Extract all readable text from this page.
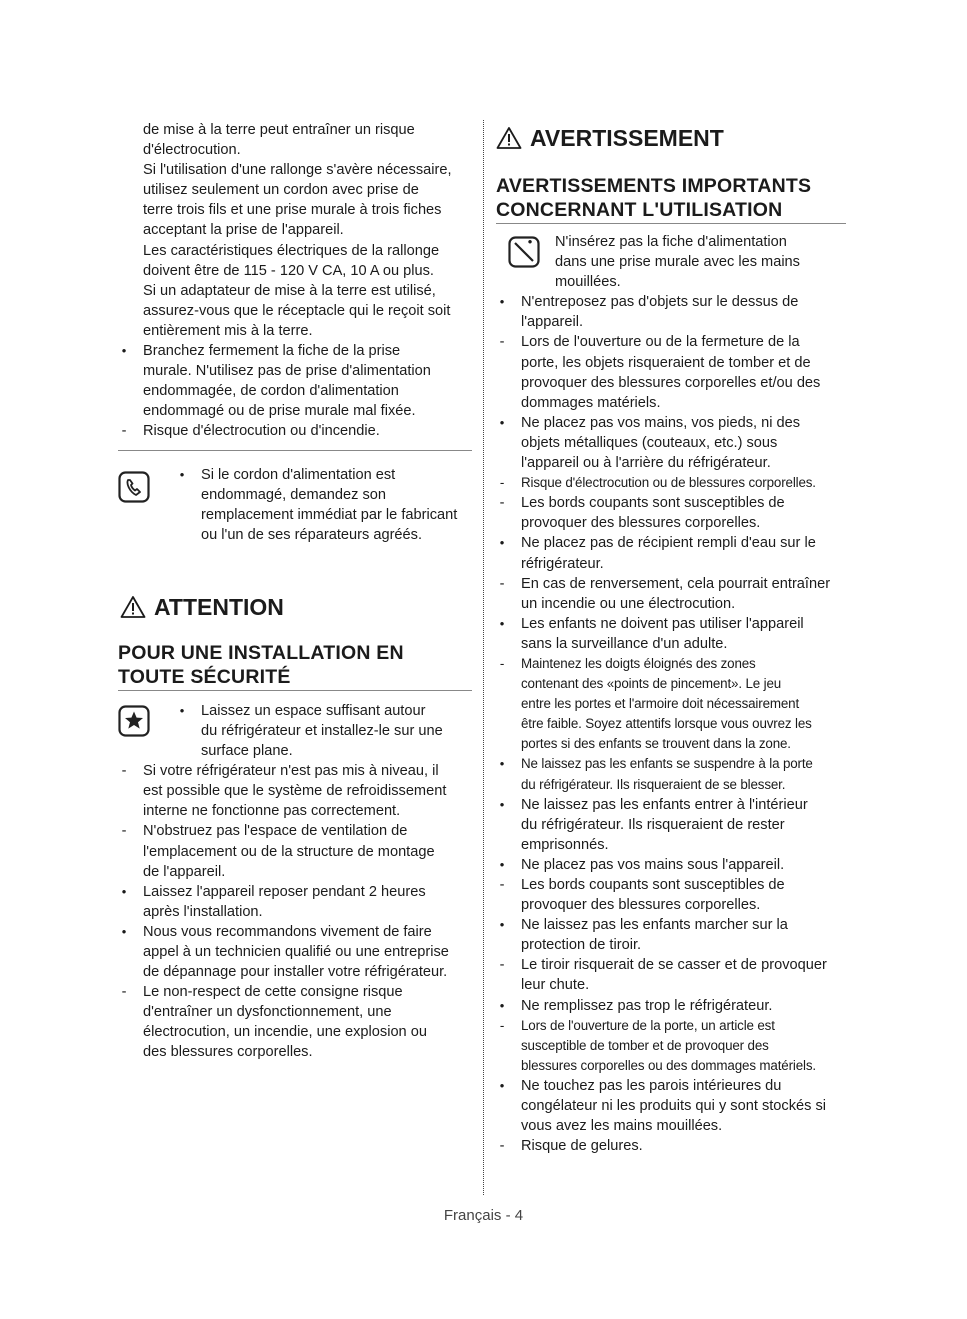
de mise à la terre peut entraîner un risque
d'électrocution.
Si l'utilisation d'une rallonge s'avère nécessaire,
utilisez seulement un cordon avec prise de
terre trois fils et une prise murale à trois fiches
acceptant la prise de l'appareil.
Les caractéristiques électriques de la rallonge
doivent être de 115 - 120 V CA, 10 A ou plus.
Si un adaptateur de mise à la terre est utilisé,
assurez-vous que le réceptacle qui le reçoit soit
entièrement mis à la terre.
•
Branchez fermement la fiche de la prise
murale. N'utilisez pas de prise d'alimentation
endommagée, de cordon d'alimentation
endommagé ou de prise murale mal fixée.
-
Risque d'électrocution ou d'incendie.
•
Si le cordon d'alimentation est
endommagé, demandez son
remplacement immédiat par le fabricant
ou l'un de ses réparateurs agréés.
ATTENTION
POUR UNE INSTALLATION EN
TOUTE SÉCURITÉ
•
Laissez un espace suffisant autour
du réfrigérateur et installez-le sur une
surface plane.
-
Si votre réfrigérateur n'est pas mis à niveau, il
est possible que le système de refroidissement
interne ne fonctionne pas correctement.
-
N'obstruez pas l'espace de ventilation de
l'emplacement ou de la structure de montage
de l'appareil.
•
Laissez l'appareil reposer pendant 2 heures
après l'installation.
•
Nous vous recommandons vivement de faire
appel à un technicien qualifié ou une entreprise
de dépannage pour installer votre réfrigérateur.
-
Le non-respect de cette consigne risque
d'entraîner un dysfonctionnement, une
électrocution, un incendie, une explosion ou
des blessures corporelles.
AVERTISSEMENT
AVERTISSEMENTS IMPORTANTS
CONCERNANT L'UTILISATION
•
N'insérez pas la fiche d'alimentation
dans une prise murale avec les mains
mouillées.
•
N'entreposez pas d'objets sur le dessus de
l'appareil.
-
Lors de l'ouverture ou de la fermeture de la
porte, les objets risqueraient de tomber et de
provoquer des blessures corporelles et/ou des
dommages matériels.
•
Ne placez pas vos mains, vos pieds, ni des
objets métalliques (couteaux, etc.) sous
l'appareil ou à l'arrière du réfrigérateur.
-
Risque d'électrocution ou de blessures corporelles.
-
Les bords coupants sont susceptibles de
provoquer des blessures corporelles.
•
Ne placez pas de récipient rempli d'eau sur le
réfrigérateur.
-
En cas de renversement, cela pourrait entraîner
un incendie ou une électrocution.
•
Les enfants ne doivent pas utiliser l'appareil
sans la surveillance d'un adulte.
-
Maintenez les doigts éloignés des zones
contenant des «points de pincement». Le jeu
entre les portes et l'armoire doit nécessairement
être faible. Soyez attentifs lorsque vous ouvrez les
portes si des enfants se trouvent dans la zone.
•
Ne laissez pas les enfants se suspendre à la porte
du réfrigérateur. Ils risqueraient de se blesser.
•
Ne laissez pas les enfants entrer à l'intérieur
du réfrigérateur. Ils risqueraient de rester
emprisonnés.
•
Ne placez pas vos mains sous l'appareil.
-
Les bords coupants sont susceptibles de
provoquer des blessures corporelles.
•
Ne laissez pas les enfants marcher sur la
protection de tiroir.
-
Le tiroir risquerait de se casser et de provoquer
leur chute.
•
Ne remplissez pas trop le réfrigérateur.
-
Lors de l'ouverture de la porte, un article est
susceptible de tomber et de provoquer des
blessures corporelles ou des dommages matériels.
•
Ne touchez pas les parois intérieures du
congélateur ni les produits qui y sont stockés si
vous avez les mains mouillées.
-
Risque de gelures.
Français - 4
